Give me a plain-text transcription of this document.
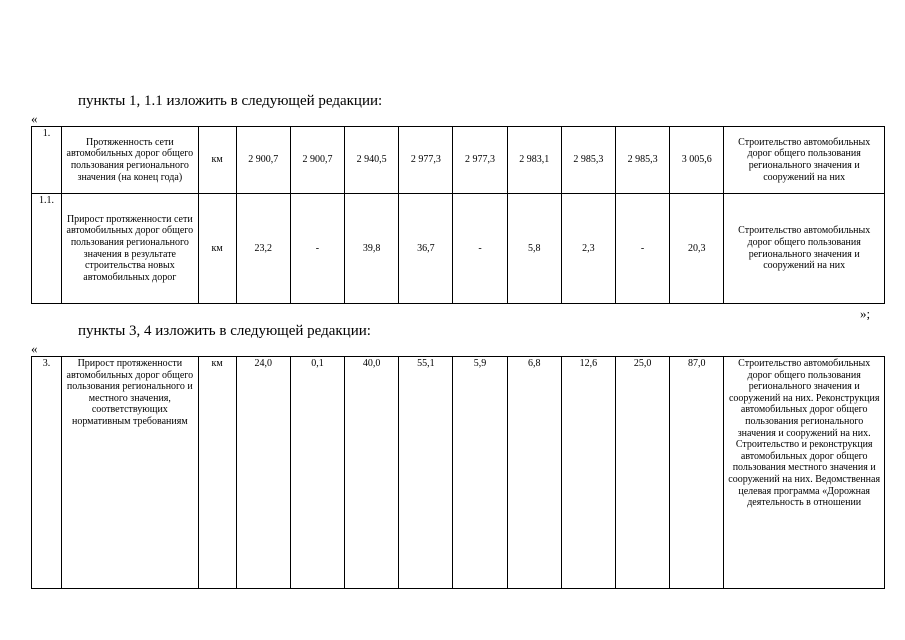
пункты 1, 1.1 изложить в следующей редакции:
«
1.	Протяженность сети автомобильных дорог общего пользования регионального значения (на конец года)	км	2 900,7	2 900,7	2 940,5	2 977,3	2 977,3	2 983,1	2 985,3	2 985,3	3 005,6	Строительство автомобильных дорог общего пользования регионального значения и сооружений на них
1.1.	Прирост протяженности сети автомобильных дорог общего пользования регионального значения в результате строительства новых автомобильных дорог	км	23,2	-	39,8	36,7	-	5,8	2,3	-	20,3	Строительство автомобильных дорог общего пользования регионального значения и сооружений на них
»;
пункты 3, 4 изложить в следующей редакции:
«
3.	Прирост протяженности автомобильных дорог общего пользования регионального и местного значения, соответствующих нормативным требованиям	км	24,0	0,1	40,0	55,1	5,9	6,8	12,6	25,0	87,0	Строительство автомобильных дорог общего пользования регионального значения и сооружений на них. Реконструкция автомобильных дорог общего пользования регионального значения и сооружений на них. Строительство и реконструкция автомобильных дорог общего пользования местного значения и сооружений на них. Ведомственная целевая программа «Дорожная деятельность в отношении
